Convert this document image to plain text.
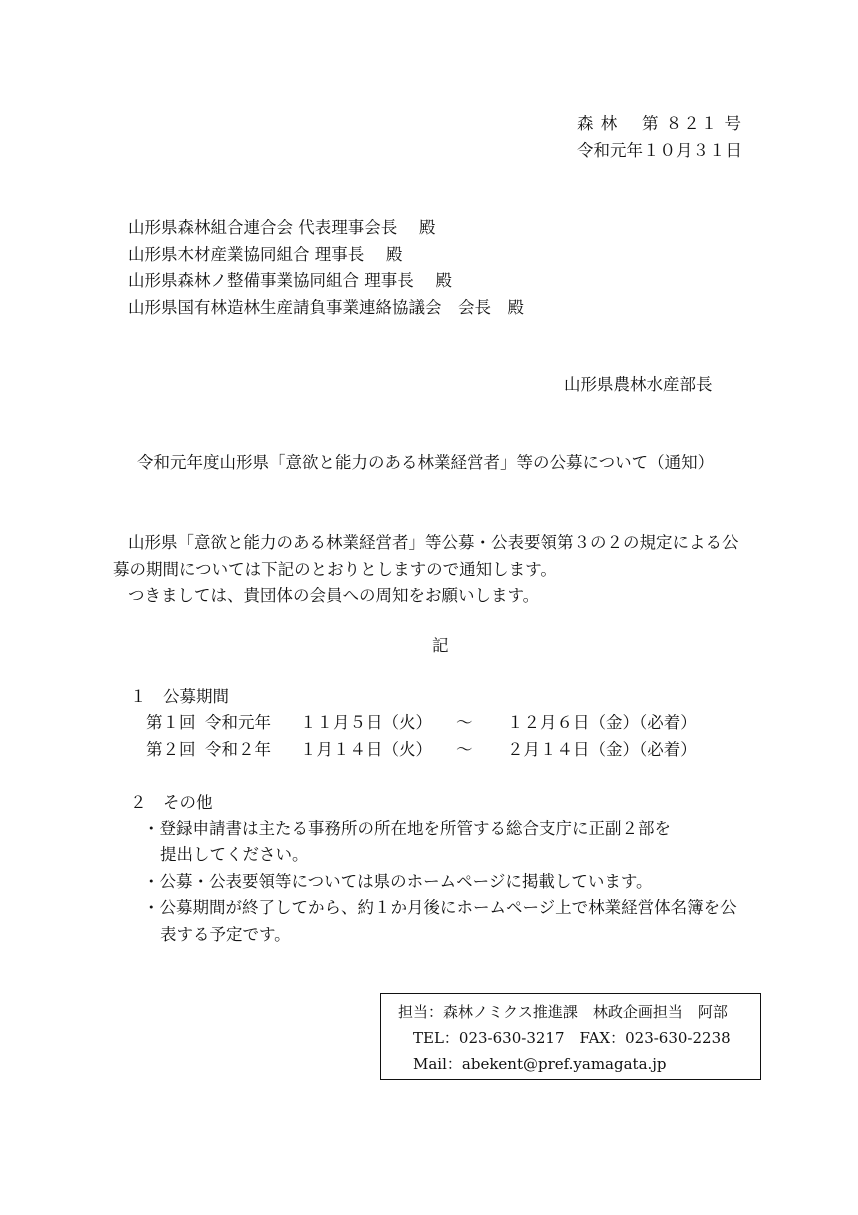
森 林　 第 ８２１ 号
令和元年１０月３１日
山形県森林組合連合会 代表理事会長　 殿
山形県木材産業協同組合 理事長　 殿
山形県森林ノ整備事業協同組合 理事長　 殿
山形県国有林造林生産請負事業連絡協議会　会長　殿
山形県農林水産部長
令和元年度山形県「意欲と能力のある林業経営者」等の公募について（通知）
山形県「意欲と能力のある林業経営者」等公募・公表要領第３の２の規定による公
募の期間については下記のとおりとしますので通知します。
つきましては、貴団体の会員への周知をお願いします。
記
１　公募期間
第１回 令和元年 １１月５日（火） ～ １２月６日（金）（必着）
第２回 令和２年 １月１４日（火） ～ ２月１４日（金）（必着）
２　その他
・登録申請書は主たる事務所の所在地を所管する総合支庁に正副２部を
提出してください。
・公募・公表要領等については県のホームページに掲載しています。
・公募期間が終了してから、約１か月後にホームページ上で林業経営体名簿を公
表する予定です。
担当：森林ノミクス推進課　林政企画担当　阿部
TEL：023-630-3217　FAX：023-630-2238
Mail：abekent@pref.yamagata.jp
